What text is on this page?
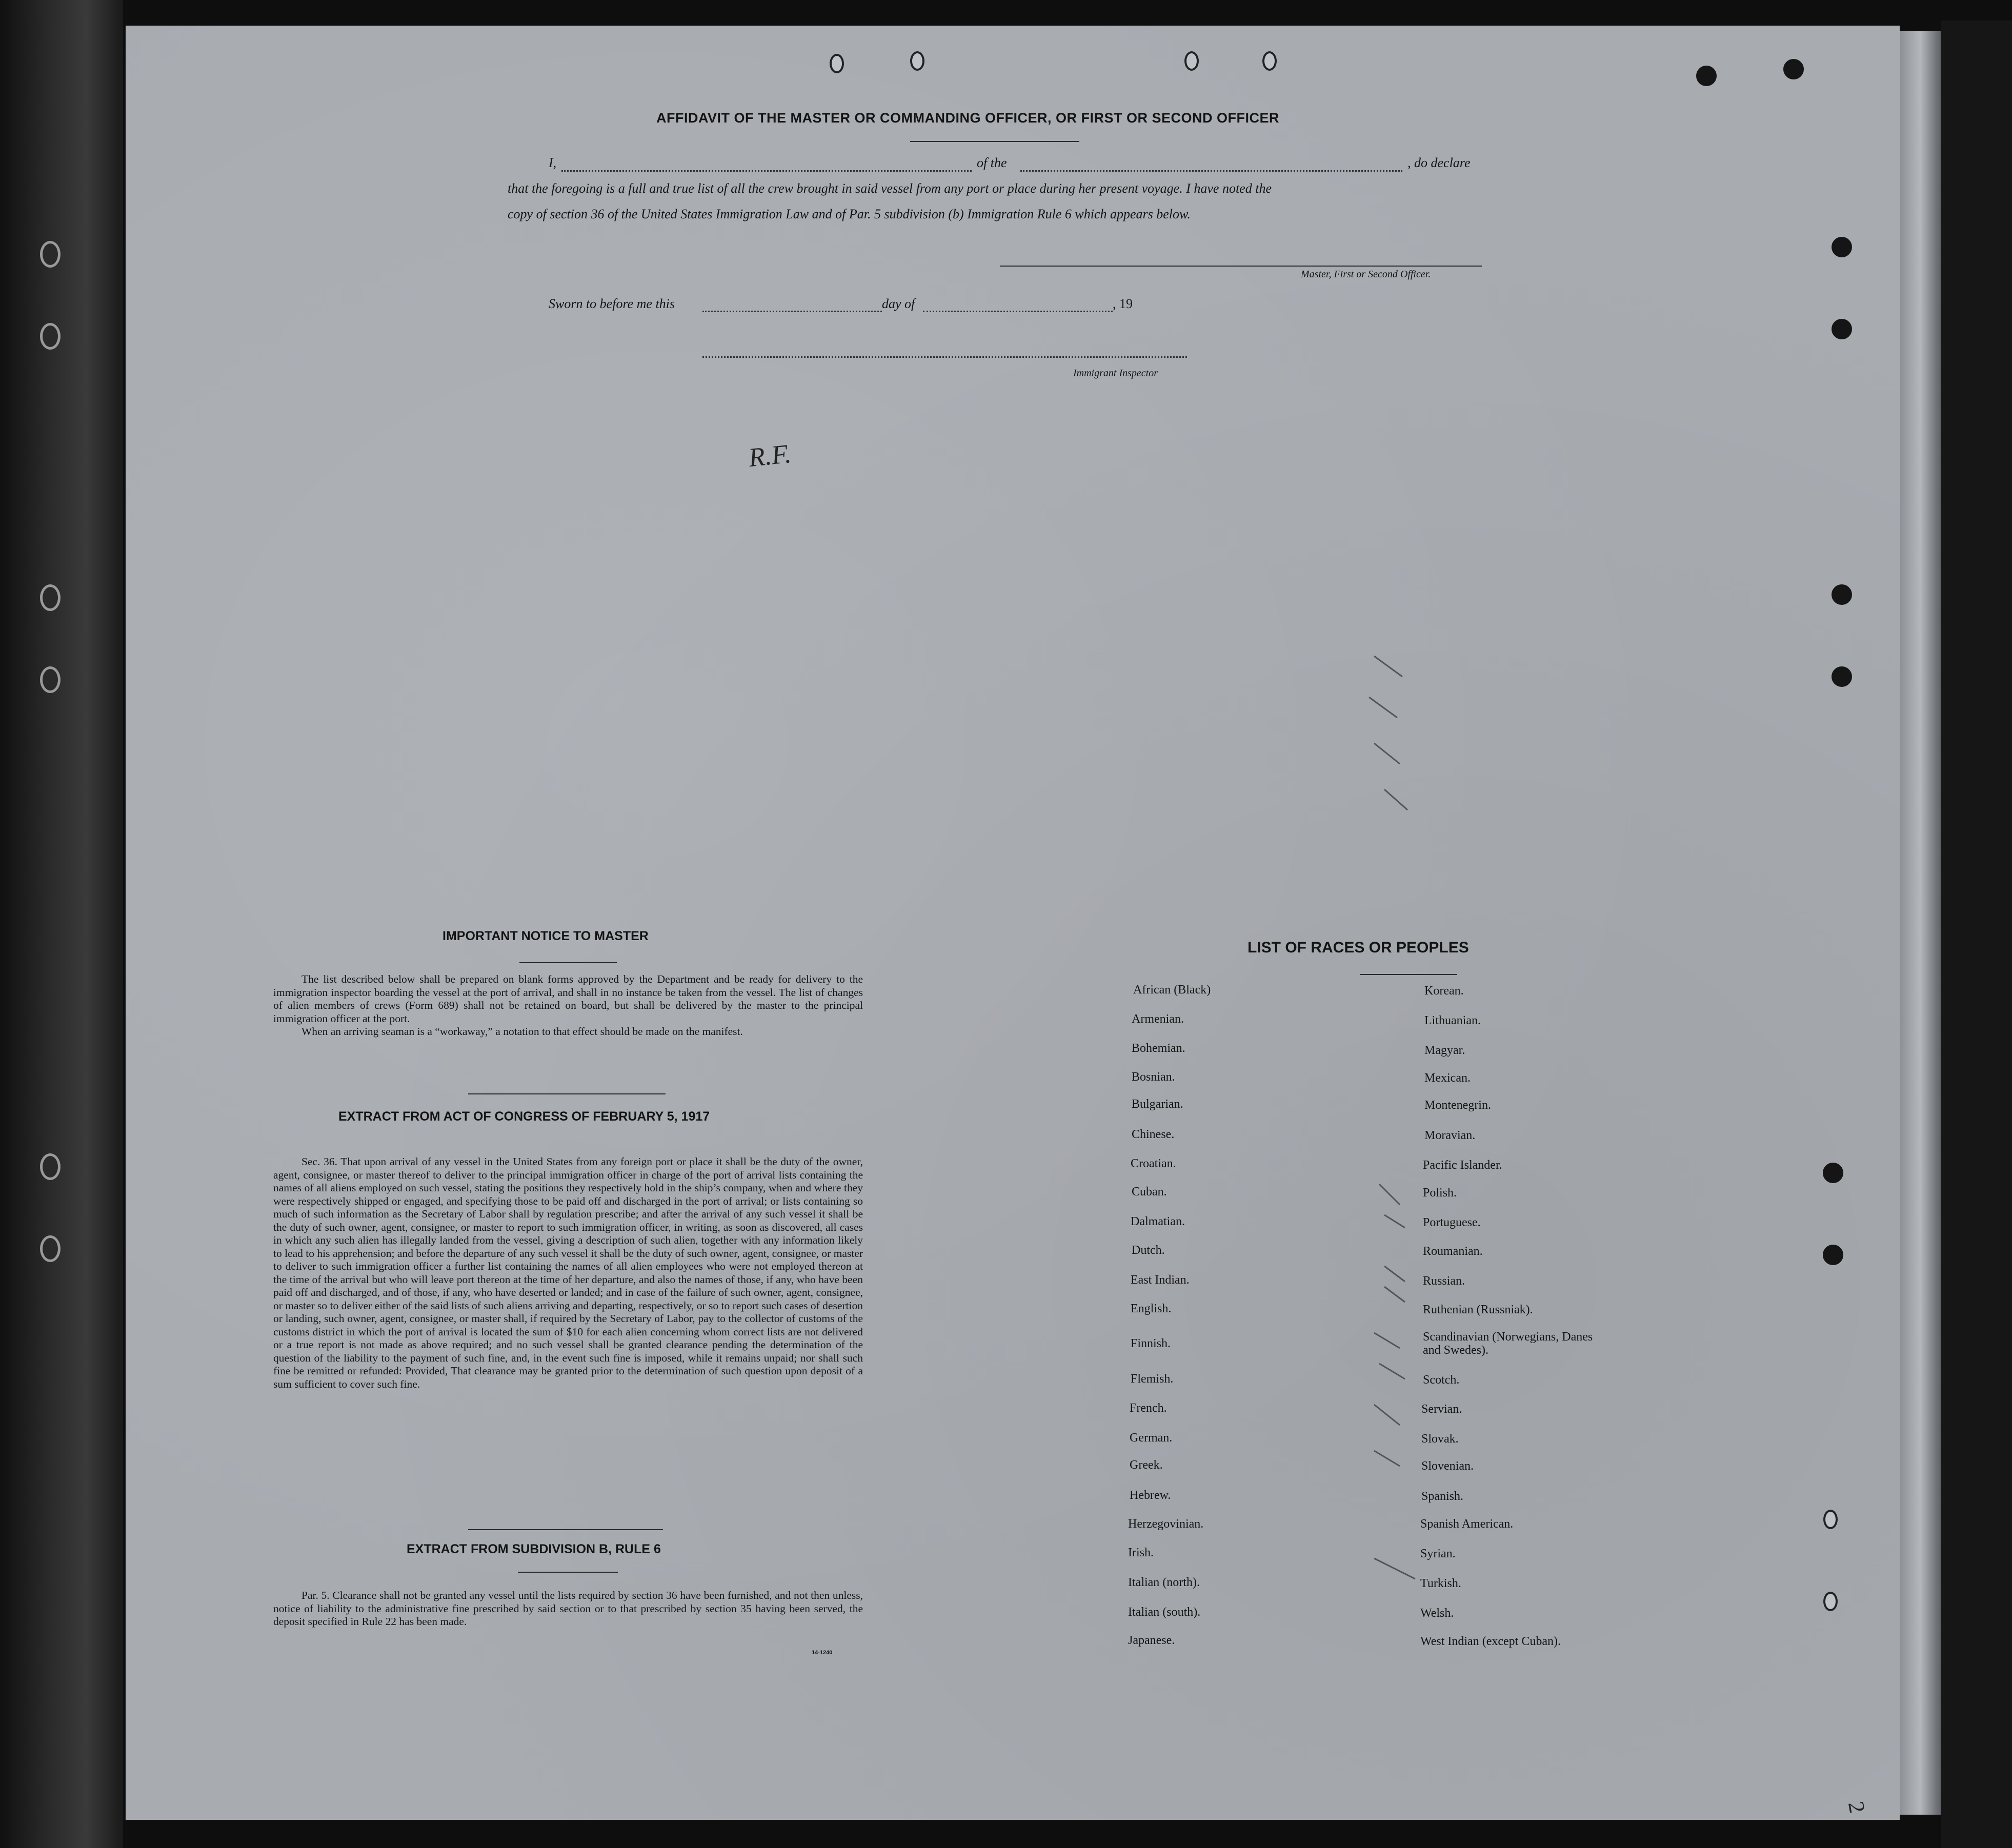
AFFIDAVIT OF THE MASTER OR COMMANDING OFFICER, OR FIRST OR SECOND OFFICER
I,	of the	, do declare
that the foregoing is a full and true list of all the crew brought in said vessel from any port or place during her present voyage. I have noted the
copy of section 36 of the United States Immigration Law and of Par. 5 subdivision (b) Immigration Rule 6 which appears below.
Master, First or Second Officer.
Sworn to before me this	day of	, 19
Immigrant Inspector
R.F.
IMPORTANT NOTICE TO MASTER

The list described below shall be prepared on blank forms approved by the Department and be ready for delivery to the immigration inspector boarding the vessel at the port of arrival, and shall in no instance be taken from the vessel. The list of changes of alien members of crews (Form 689) shall not be retained on board, but shall be delivered by the master to the principal immigration officer at the port.

When an arriving seaman is a “workaway,” a notation to that effect should be made on the manifest.

EXTRACT FROM ACT OF CONGRESS OF FEBRUARY 5, 1917

Sec. 36. That upon arrival of any vessel in the United States from any foreign port or place it shall be the duty of the owner, agent, consignee, or master thereof to deliver to the principal immigration officer in charge of the port of arrival lists containing the names of all aliens employed on such vessel, stating the positions they respectively hold in the ship’s company, when and where they were respectively shipped or engaged, and specifying those to be paid off and discharged in the port of arrival; or lists containing so much of such information as the Secretary of Labor shall by regulation prescribe; and after the arrival of any such vessel it shall be the duty of such owner, agent, consignee, or master to report to such immigration officer, in writing, as soon as discovered, all cases in which any such alien has illegally landed from the vessel, giving a description of such alien, together with any information likely to lead to his apprehension; and before the departure of any such vessel it shall be the duty of such owner, agent, consignee, or master to deliver to such immigration officer a further list containing the names of all alien employees who were not employed thereon at the time of the arrival but who will leave port thereon at the time of her departure, and also the names of those, if any, who have been paid off and discharged, and of those, if any, who have deserted or landed; and in case of the failure of such owner, agent, consignee, or master so to deliver either of the said lists of such aliens arriving and departing, respectively, or so to report such cases of desertion or landing, such owner, agent, consignee, or master shall, if required by the Secretary of Labor, pay to the collector of customs of the customs district in which the port of arrival is located the sum of $10 for each alien concerning whom correct lists are not delivered or a true report is not made as above required; and no such vessel shall be granted clearance pending the determination of the question of the liability to the payment of such fine, and, in the event such fine is imposed, while it remains unpaid; nor shall such fine be remitted or refunded: Provided, That clearance may be granted prior to the determination of such question upon deposit of a sum sufficient to cover such fine.

EXTRACT FROM SUBDIVISION B, RULE 6

Par. 5. Clearance shall not be granted any vessel until the lists required by section 36 have been furnished, and not then unless, notice of liability to the administrative fine prescribed by said section or to that prescribed by section 35 having been served, the deposit specified in Rule 22 has been made.

14-1240
LIST OF RACES OR PEOPLES
African (Black)
Armenian.
Bohemian.
Bosnian.
Bulgarian.
Chinese.
Croatian.
Cuban.
Dalmatian.
Dutch.
East Indian.
English.
Finnish.
Flemish.
French.
German.
Greek.
Hebrew.
Herzegovinian.
Irish.
Italian (north).
Italian (south).
Japanese.
Korean.
Lithuanian.
Magyar.
Mexican.
Montenegrin.
Moravian.
Pacific Islander.
Polish.
Portuguese.
Roumanian.
Russian.
Ruthenian (Russniak).
Scandinavian (Norwegians, Danes and Swedes).
Scotch.
Servian.
Slovak.
Slovenian.
Spanish.
Spanish American.
Syrian.
Turkish.
Welsh.
West Indian (except Cuban).
2
